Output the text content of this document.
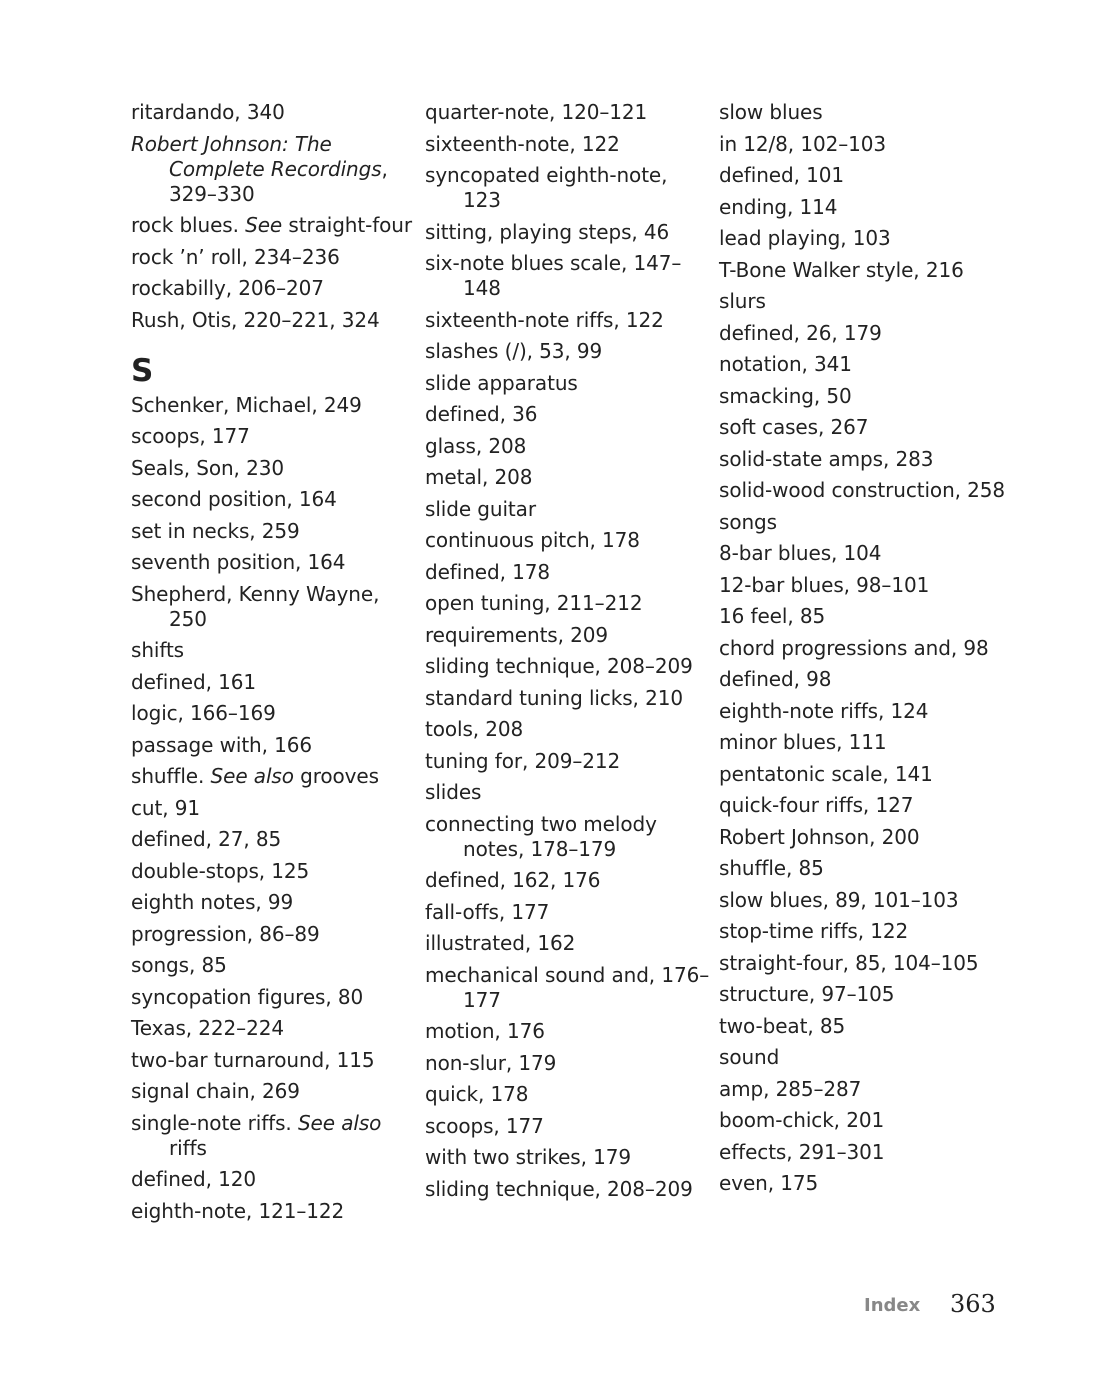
ritardando, 340
Robert Johnson: The Complete Recordings, 329–330
rock blues. See straight-four
rock ’n’ roll, 234–236
rockabilly, 206–207
Rush, Otis, 220–221, 324
S
Schenker, Michael, 249
scoops, 177
Seals, Son, 230
second position, 164
set in necks, 259
seventh position, 164
Shepherd, Kenny Wayne, 250
shifts
defined, 161
logic, 166–169
passage with, 166
shuffle. See also grooves
cut, 91
defined, 27, 85
double-stops, 125
eighth notes, 99
progression, 86–89
songs, 85
syncopation figures, 80
Texas, 222–224
two-bar turnaround, 115
signal chain, 269
single-note riffs. See also riffs
defined, 120
eighth-note, 121–122
quarter-note, 120–121
sixteenth-note, 122
syncopated eighth-note, 123
sitting, playing steps, 46
six-note blues scale, 147–148
sixteenth-note riffs, 122
slashes (/), 53, 99
slide apparatus
defined, 36
glass, 208
metal, 208
slide guitar
continuous pitch, 178
defined, 178
open tuning, 211–212
requirements, 209
sliding technique, 208–209
standard tuning licks, 210
tools, 208
tuning for, 209–212
slides
connecting two melody notes, 178–179
defined, 162, 176
fall-offs, 177
illustrated, 162
mechanical sound and, 176–177
motion, 176
non-slur, 179
quick, 178
scoops, 177
with two strikes, 179
sliding technique, 208–209
slow blues
in 12/8, 102–103
defined, 101
ending, 114
lead playing, 103
T-Bone Walker style, 216
slurs
defined, 26, 179
notation, 341
smacking, 50
soft cases, 267
solid-state amps, 283
solid-wood construction, 258
songs
8-bar blues, 104
12-bar blues, 98–101
16 feel, 85
chord progressions and, 98
defined, 98
eighth-note riffs, 124
minor blues, 111
pentatonic scale, 141
quick-four riffs, 127
Robert Johnson, 200
shuffle, 85
slow blues, 89, 101–103
stop-time riffs, 122
straight-four, 85, 104–105
structure, 97–105
two-beat, 85
sound
amp, 285–287
boom-chick, 201
effects, 291–301
even, 175
Index 363
